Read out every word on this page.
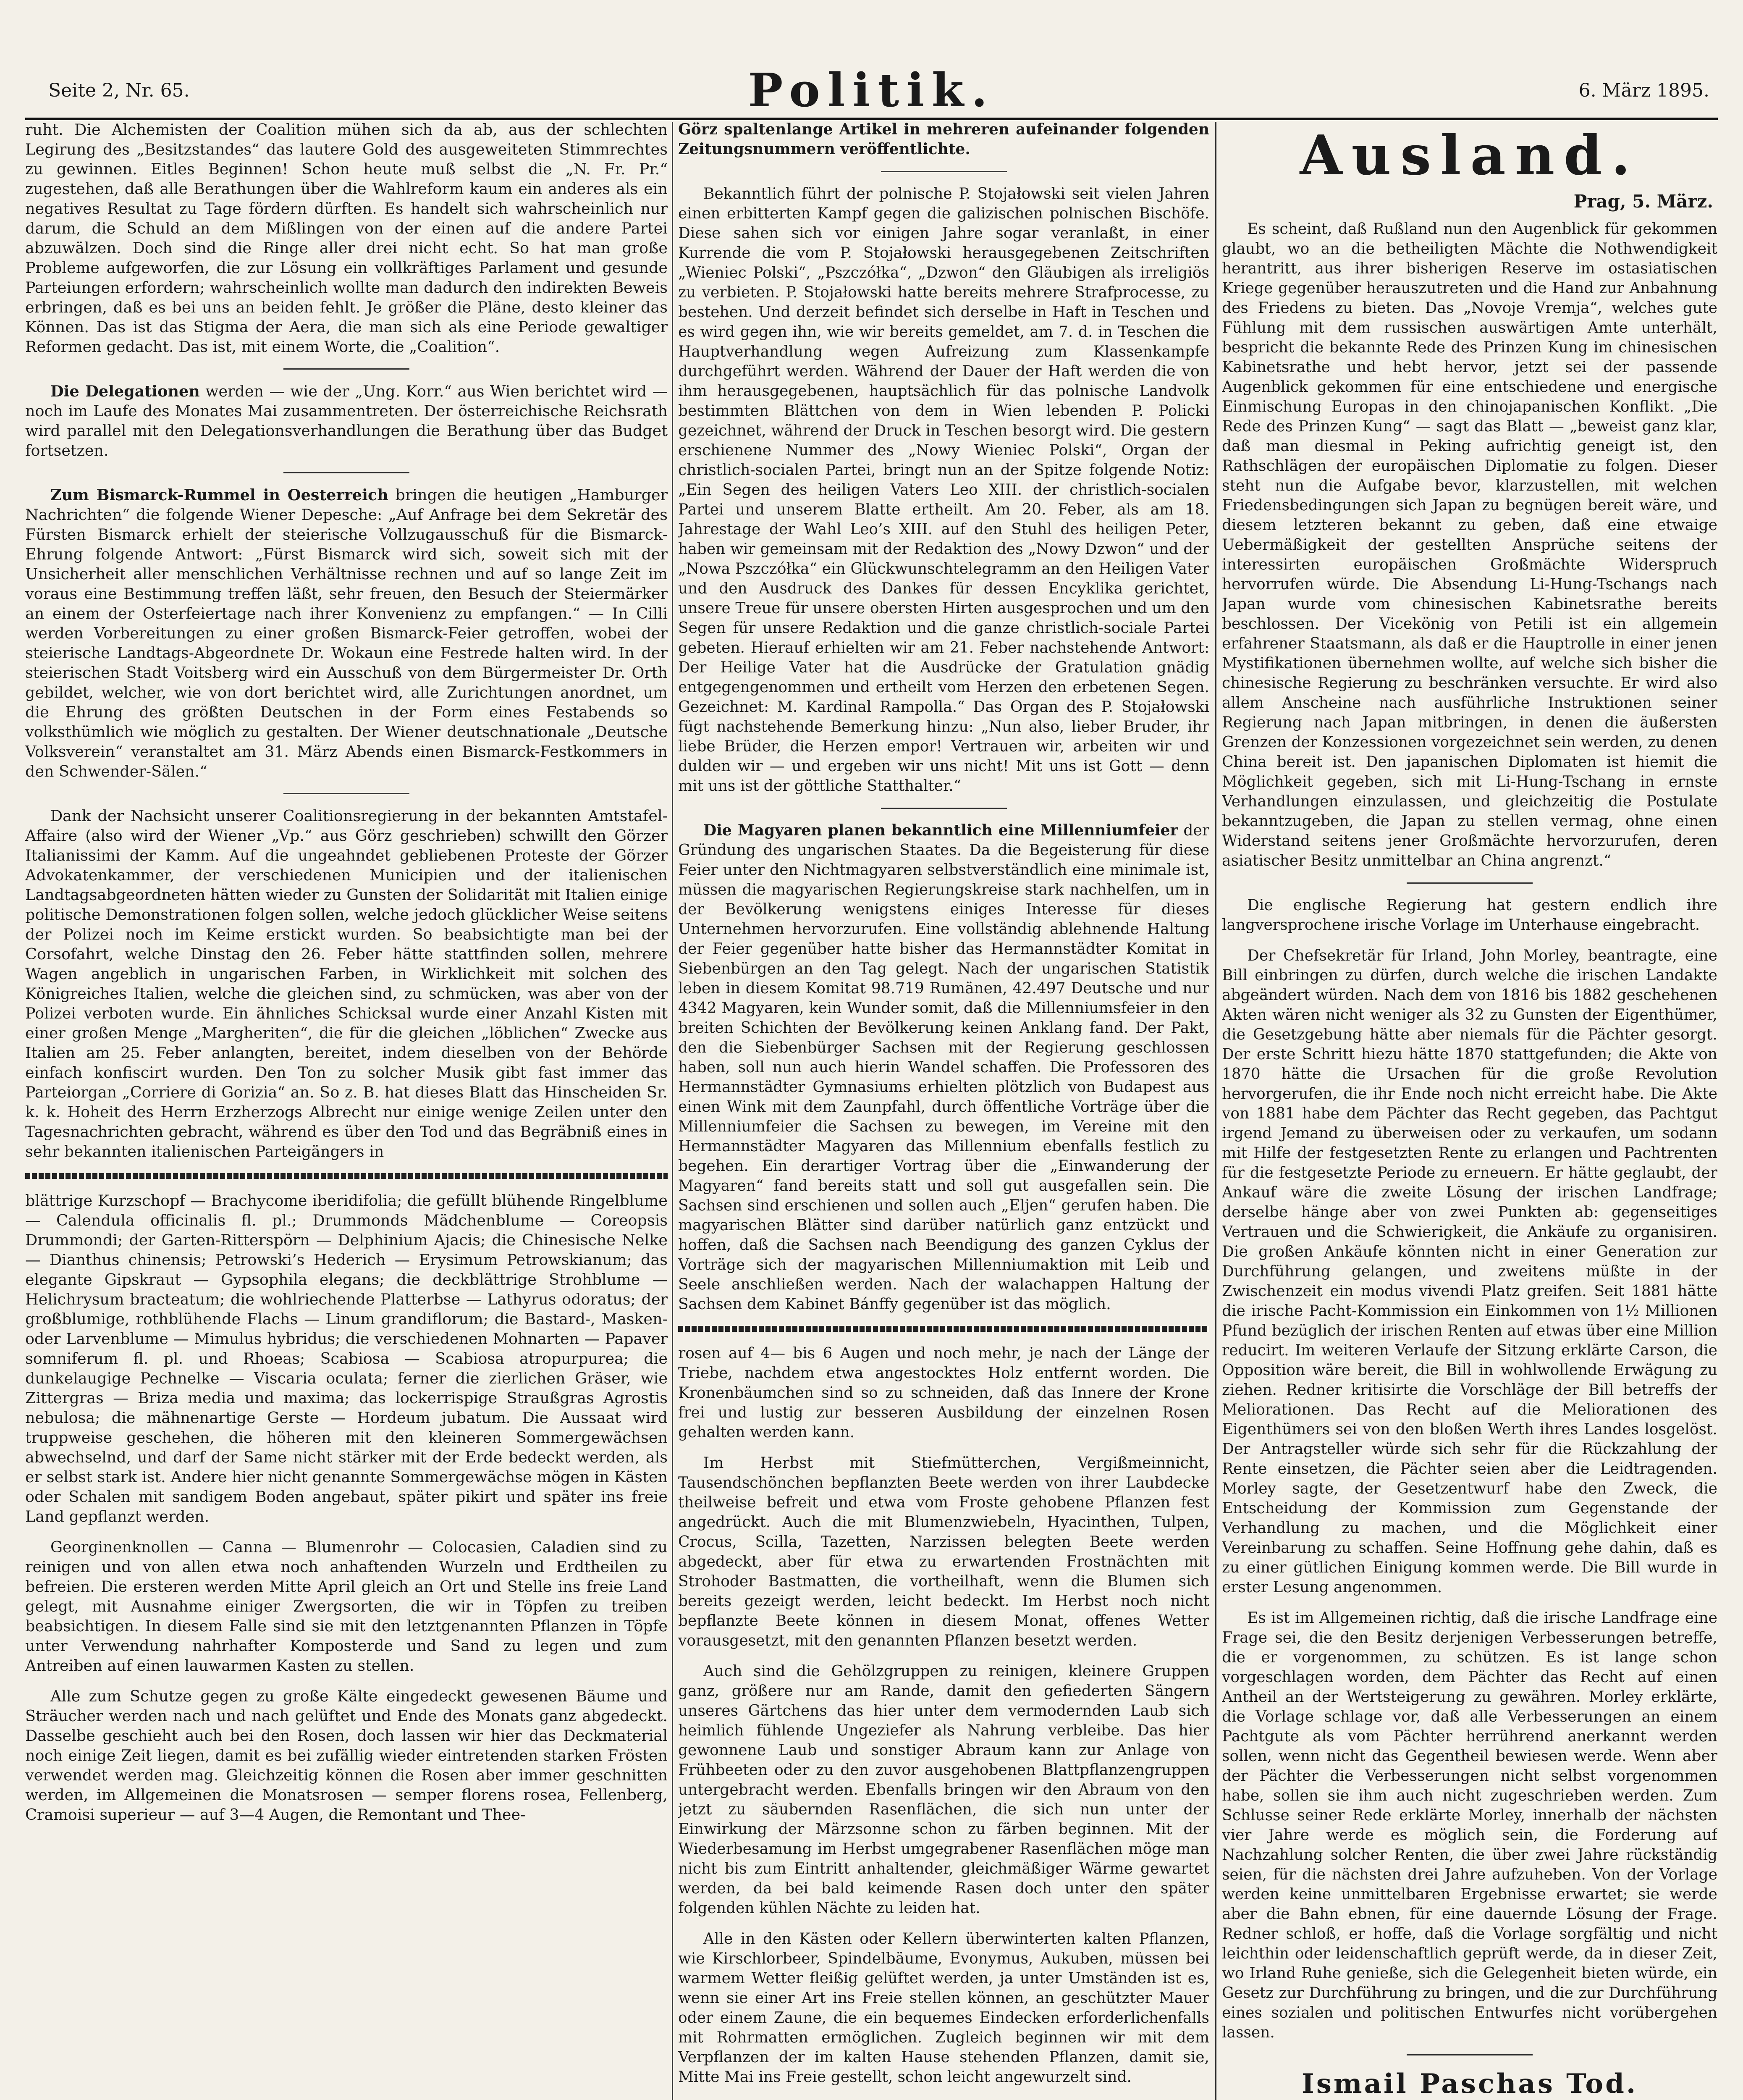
Seite 2, Nr. 65.	Politik.	6. März 1895.

ruht. Die Alchemisten der Coalition mühen sich da ab, aus der schlechten Legirung des „Besitzstandes“ das lautere Gold des ausgeweiteten Stimmrechtes zu gewinnen. Eitles Beginnen! Schon heute muß selbst die „N. Fr. Pr.“ zugestehen, daß alle Berathungen über die Wahlreform kaum ein anderes als ein negatives Resultat zu Tage fördern dürften. Es handelt sich wahrscheinlich nur darum, die Schuld an dem Mißlingen von der einen auf die andere Partei abzuwälzen. Doch sind die Ringe aller drei nicht echt. So hat man große Probleme aufgeworfen, die zur Lösung ein vollkräftiges Parlament und gesunde Parteiungen erfordern; wahrscheinlich wollte man dadurch den indirekten Beweis erbringen, daß es bei uns an beiden fehlt. Je größer die Pläne, desto kleiner das Können. Das ist das Stigma der Aera, die man sich als eine Periode gewaltiger Reformen gedacht. Das ist, mit einem Worte, die „Coalition“.

Die Delegationen werden — wie der „Ung. Korr.“ aus Wien berichtet wird — noch im Laufe des Monates Mai zusammentreten. Der österreichische Reichsrath wird parallel mit den Delegationsverhandlungen die Berathung über das Budget fortsetzen.

Zum Bismarck-Rummel in Oesterreich bringen die heutigen „Hamburger Nachrichten“ die folgende Wiener Depesche: „Auf Anfrage bei dem Sekretär des Fürsten Bismarck erhielt der steierische Vollzugausschuß für die Bismarck-Ehrung folgende Antwort: „Fürst Bismarck wird sich, soweit sich mit der Unsicherheit aller menschlichen Verhältnisse rechnen und auf so lange Zeit im voraus eine Bestimmung treffen läßt, sehr freuen, den Besuch der Steiermärker an einem der Osterfeiertage nach ihrer Konvenienz zu empfangen.“ — In Cilli werden Vorbereitungen zu einer großen Bismarck-Feier getroffen, wobei der steierische Landtags-Abgeordnete Dr. Wokaun eine Festrede halten wird. In der steierischen Stadt Voitsberg wird ein Ausschuß von dem Bürgermeister Dr. Orth gebildet, welcher, wie von dort berichtet wird, alle Zurichtungen anordnet, um die Ehrung des größten Deutschen in der Form eines Festabends so volksthümlich wie möglich zu gestalten. Der Wiener deutschnationale „Deutsche Volksverein“ veranstaltet am 31. März Abends einen Bismarck-Festkommers in den Schwender-Sälen.“

Dank der Nachsicht unserer Coalitionsregierung in der bekannten Amtstafel-Affaire (also wird der Wiener „Vp.“ aus Görz geschrieben) schwillt den Görzer Italianissimi der Kamm. Auf die ungeahndet gebliebenen Proteste der Görzer Advokatenkammer, der verschiedenen Municipien und der italienischen Landtagsabgeordneten hätten wieder zu Gunsten der Solidarität mit Italien einige politische Demonstrationen folgen sollen, welche jedoch glücklicher Weise seitens der Polizei noch im Keime erstickt wurden. So beabsichtigte man bei der Corsofahrt, welche Dinstag den 26. Feber hätte stattfinden sollen, mehrere Wagen angeblich in ungarischen Farben, in Wirklichkeit mit solchen des Königreiches Italien, welche die gleichen sind, zu schmücken, was aber von der Polizei verboten wurde. Ein ähnliches Schicksal wurde einer Anzahl Kisten mit einer großen Menge „Margheriten“, die für die gleichen „löblichen“ Zwecke aus Italien am 25. Feber anlangten, bereitet, indem dieselben von der Behörde einfach konfiscirt wurden. Den Ton zu solcher Musik gibt fast immer das Parteiorgan „Corriere di Gorizia“ an. So z. B. hat dieses Blatt das Hinscheiden Sr. k. k. Hoheit des Herrn Erzherzogs Albrecht nur einige wenige Zeilen unter den Tagesnachrichten gebracht, während es über den Tod und das Begräbniß eines in sehr bekannten italienischen Parteigängers in

blättrige Kurzschopf — Brachycome iberidifolia; die gefüllt blühende Ringelblume — Calendula officinalis fl. pl.; Drummonds Mädchenblume — Coreopsis Drummondi; der Garten-Ritterspörn — Delphinium Ajacis; die Chinesische Nelke — Dianthus chinensis; Petrowski’s Hederich — Erysimum Petrowskianum; das elegante Gipskraut — Gypsophila elegans; die deckblättrige Strohblume — Helichrysum bracteatum; die wohlriechende Platterbse — Lathyrus odoratus; der großblumige, rothblühende Flachs — Linum grandiflorum; die Bastard-, Masken- oder Larvenblume — Mimulus hybridus; die verschiedenen Mohnarten — Papaver somniferum fl. pl. und Rhoeas; Scabiosa — Scabiosa atropurpurea; die dunkelaugige Pechnelke — Viscaria oculata; ferner die zierlichen Gräser, wie Zittergras — Briza media und maxima; das lockerrispige Straußgras Agrostis nebulosa; die mähnenartige Gerste — Hordeum jubatum. Die Aussaat wird truppweise geschehen, die höheren mit den kleineren Sommergewächsen abwechselnd, und darf der Same nicht stärker mit der Erde bedeckt werden, als er selbst stark ist. Andere hier nicht genannte Sommergewächse mögen in Kästen oder Schalen mit sandigem Boden angebaut, später pikirt und später ins freie Land gepflanzt werden.

Georginenknollen — Canna — Blumenrohr — Colocasien, Caladien sind zu reinigen und von allen etwa noch anhaftenden Wurzeln und Erdtheilen zu befreien. Die ersteren werden Mitte April gleich an Ort und Stelle ins freie Land gelegt, mit Ausnahme einiger Zwergsorten, die wir in Töpfen zu treiben beabsichtigen. In diesem Falle sind sie mit den letztgenannten Pflanzen in Töpfe unter Verwendung nahrhafter Komposterde und Sand zu legen und zum Antreiben auf einen lauwarmen Kasten zu stellen.

Alle zum Schutze gegen zu große Kälte eingedeckt gewesenen Bäume und Sträucher werden nach und nach gelüftet und Ende des Monats ganz abgedeckt. Dasselbe geschieht auch bei den Rosen, doch lassen wir hier das Deckmaterial noch einige Zeit liegen, damit es bei zufällig wieder eintretenden starken Frösten verwendet werden mag. Gleichzeitig können die Rosen aber immer geschnitten werden, im Allgemeinen die Monatsrosen — semper florens rosea, Fellenberg, Cramoisi superieur — auf 3—4 Augen, die Remontant und Thee-

Görz spaltenlange Artikel in mehreren aufeinander folgenden Zeitungsnummern veröffentlichte.

Bekanntlich führt der polnische P. Stojałowski seit vielen Jahren einen erbitterten Kampf gegen die galizischen polnischen Bischöfe. Diese sahen sich vor einigen Jahre sogar veranlaßt, in einer Kurrende die vom P. Stojałowski herausgegebenen Zeitschriften „Wieniec Polski“, „Pszczółka“, „Dzwon“ den Gläubigen als irreligiös zu verbieten. P. Stojałowski hatte bereits mehrere Strafprocesse, zu bestehen. Und derzeit befindet sich derselbe in Haft in Teschen und es wird gegen ihn, wie wir bereits gemeldet, am 7. d. in Teschen die Hauptverhandlung wegen Aufreizung zum Klassenkampfe durchgeführt werden. Während der Dauer der Haft werden die von ihm herausgegebenen, hauptsächlich für das polnische Landvolk bestimmten Blättchen von dem in Wien lebenden P. Policki gezeichnet, während der Druck in Teschen besorgt wird. Die gestern erschienene Nummer des „Nowy Wieniec Polski“, Organ der christlich-socialen Partei, bringt nun an der Spitze folgende Notiz: „Ein Segen des heiligen Vaters Leo XIII. der christlich-socialen Partei und unserem Blatte ertheilt. Am 20. Feber, als am 18. Jahrestage der Wahl Leo’s XIII. auf den Stuhl des heiligen Peter, haben wir gemeinsam mit der Redaktion des „Nowy Dzwon“ und der „Nowa Pszczółka“ ein Glückwunschtelegramm an den Heiligen Vater und den Ausdruck des Dankes für dessen Encyklika gerichtet, unsere Treue für unsere obersten Hirten ausgesprochen und um den Segen für unsere Redaktion und die ganze christlich-sociale Partei gebeten. Hierauf erhielten wir am 21. Feber nachstehende Antwort: Der Heilige Vater hat die Ausdrücke der Gratulation gnädig entgegengenommen und ertheilt vom Herzen den erbetenen Segen. Gezeichnet: M. Kardinal Rampolla.“ Das Organ des P. Stojałowski fügt nachstehende Bemerkung hinzu: „Nun also, lieber Bruder, ihr liebe Brüder, die Herzen empor! Vertrauen wir, arbeiten wir und dulden wir — und ergeben wir uns nicht! Mit uns ist Gott — denn mit uns ist der göttliche Statthalter.“

Die Magyaren planen bekanntlich eine Millenniumfeier der Gründung des ungarischen Staates. Da die Begeisterung für diese Feier unter den Nichtmagyaren selbstverständlich eine minimale ist, müssen die magyarischen Regierungskreise stark nachhelfen, um in der Bevölkerung wenigstens einiges Interesse für dieses Unternehmen hervorzurufen. Eine vollständig ablehnende Haltung der Feier gegenüber hatte bisher das Hermannstädter Komitat in Siebenbürgen an den Tag gelegt. Nach der ungarischen Statistik leben in diesem Komitat 98.719 Rumänen, 42.497 Deutsche und nur 4342 Magyaren, kein Wunder somit, daß die Millenniumsfeier in den breiten Schichten der Bevölkerung keinen Anklang fand. Der Pakt, den die Siebenbürger Sachsen mit der Regierung geschlossen haben, soll nun auch hierin Wandel schaffen. Die Professoren des Hermannstädter Gymnasiums erhielten plötzlich von Budapest aus einen Wink mit dem Zaunpfahl, durch öffentliche Vorträge über die Millenniumfeier die Sachsen zu bewegen, im Vereine mit den Hermannstädter Magyaren das Millennium ebenfalls festlich zu begehen. Ein derartiger Vortrag über die „Einwanderung der Magyaren“ fand bereits statt und soll gut ausgefallen sein. Die Sachsen sind erschienen und sollen auch „Eljen“ gerufen haben. Die magyarischen Blätter sind darüber natürlich ganz entzückt und hoffen, daß die Sachsen nach Beendigung des ganzen Cyklus der Vorträge sich der magyarischen Millenniumaktion mit Leib und Seele anschließen werden. Nach der walachappen Haltung der Sachsen dem Kabinet Bánffy gegenüber ist das möglich.

rosen auf 4— bis 6 Augen und noch mehr, je nach der Länge der Triebe, nachdem etwa angestocktes Holz entfernt worden. Die Kronenbäumchen sind so zu schneiden, daß das Innere der Krone frei und lustig zur besseren Ausbildung der einzelnen Rosen gehalten werden kann.

Im Herbst mit Stiefmütterchen, Vergißmeinnicht, Tausendschönchen bepflanzten Beete werden von ihrer Laubdecke theilweise befreit und etwa vom Froste gehobene Pflanzen fest angedrückt. Auch die mit Blumenzwiebeln, Hyacinthen, Tulpen, Crocus, Scilla, Tazetten, Narzissen belegten Beete werden abgedeckt, aber für etwa zu erwartenden Frostnächten mit Strohoder Bastmatten, die vortheilhaft, wenn die Blumen sich bereits gezeigt werden, leicht bedeckt. Im Herbst noch nicht bepflanzte Beete können in diesem Monat, offenes Wetter vorausgesetzt, mit den genannten Pflanzen besetzt werden.

Auch sind die Gehölzgruppen zu reinigen, kleinere Gruppen ganz, größere nur am Rande, damit den gefiederten Sängern unseres Gärtchens das hier unter dem vermodernden Laub sich heimlich fühlende Ungeziefer als Nahrung verbleibe. Das hier gewonnene Laub und sonstiger Abraum kann zur Anlage von Frühbeeten oder zu den zuvor ausgehobenen Blattpflanzengruppen untergebracht werden. Ebenfalls bringen wir den Abraum von den jetzt zu säubernden Rasenflächen, die sich nun unter der Einwirkung der Märzsonne schon zu färben beginnen. Mit der Wiederbesamung im Herbst umgegrabener Rasenflächen möge man nicht bis zum Eintritt anhaltender, gleichmäßiger Wärme gewartet werden, da bei bald keimende Rasen doch unter den später folgenden kühlen Nächte zu leiden hat.

Alle in den Kästen oder Kellern überwinterten kalten Pflanzen, wie Kirschlorbeer, Spindelbäume, Evonymus, Aukuben, müssen bei warmem Wetter fleißig gelüftet werden, ja unter Umständen ist es, wenn sie einer Art ins Freie stellen können, an geschützter Mauer oder einem Zaune, die ein bequemes Eindecken erforderlichenfalls mit Rohrmatten ermöglichen. Zugleich beginnen wir mit dem Verpflanzen der im kalten Hause stehenden Pflanzen, damit sie, Mitte Mai ins Freie gestellt, schon leicht angewurzelt sind.

Ausland.
Prag, 5. März.

Es scheint, daß Rußland nun den Augenblick für gekommen glaubt, wo an die betheiligten Mächte die Nothwendigkeit herantritt, aus ihrer bisherigen Reserve im ostasiatischen Kriege gegenüber herauszutreten und die Hand zur Anbahnung des Friedens zu bieten. Das „Novoje Vremja“, welches gute Fühlung mit dem russischen auswärtigen Amte unterhält, bespricht die bekannte Rede des Prinzen Kung im chinesischen Kabinetsrathe und hebt hervor, jetzt sei der passende Augenblick gekommen für eine entschiedene und energische Einmischung Europas in den chinojapanischen Konflikt. „Die Rede des Prinzen Kung“ — sagt das Blatt — „beweist ganz klar, daß man diesmal in Peking aufrichtig geneigt ist, den Rathschlägen der europäischen Diplomatie zu folgen. Dieser steht nun die Aufgabe bevor, klarzustellen, mit welchen Friedensbedingungen sich Japan zu begnügen bereit wäre, und diesem letzteren bekannt zu geben, daß eine etwaige Uebermäßigkeit der gestellten Ansprüche seitens der interessirten europäischen Großmächte Widerspruch hervorrufen würde. Die Absendung Li-Hung-Tschangs nach Japan wurde vom chinesischen Kabinetsrathe bereits beschlossen. Der Vicekönig von Petili ist ein allgemein erfahrener Staatsmann, als daß er die Hauptrolle in einer jenen Mystifikationen übernehmen wollte, auf welche sich bisher die chinesische Regierung zu beschränken versuchte. Er wird also allem Anscheine nach ausführliche Instruktionen seiner Regierung nach Japan mitbringen, in denen die äußersten Grenzen der Konzessionen vorgezeichnet sein werden, zu denen China bereit ist. Den japanischen Diplomaten ist hiemit die Möglichkeit gegeben, sich mit Li-Hung-Tschang in ernste Verhandlungen einzulassen, und gleichzeitig die Postulate bekanntzugeben, die Japan zu stellen vermag, ohne einen Widerstand seitens jener Großmächte hervorzurufen, deren asiatischer Besitz unmittelbar an China angrenzt.“

Die englische Regierung hat gestern endlich ihre langversprochene irische Vorlage im Unterhause eingebracht.

Der Chefsekretär für Irland, John Morley, beantragte, eine Bill einbringen zu dürfen, durch welche die irischen Landakte abgeändert würden. Nach dem von 1816 bis 1882 geschehenen Akten wären nicht weniger als 32 zu Gunsten der Eigenthümer, die Gesetzgebung hätte aber niemals für die Pächter gesorgt. Der erste Schritt hiezu hätte 1870 stattgefunden; die Akte von 1870 hätte die Ursachen für die große Revolution hervorgerufen, die ihr Ende noch nicht erreicht habe. Die Akte von 1881 habe dem Pächter das Recht gegeben, das Pachtgut irgend Jemand zu überweisen oder zu verkaufen, um sodann mit Hilfe der festgesetzten Rente zu erlangen und Pachtrenten für die festgesetzte Periode zu erneuern. Er hätte geglaubt, der Ankauf wäre die zweite Lösung der irischen Landfrage; derselbe hänge aber von zwei Punkten ab: gegenseitiges Vertrauen und die Schwierigkeit, die Ankäufe zu organisiren. Die großen Ankäufe könnten nicht in einer Generation zur Durchführung gelangen, und zweitens müßte in der Zwischenzeit ein modus vivendi Platz greifen. Seit 1881 hätte die irische Pacht-Kommission ein Einkommen von 1½ Millionen Pfund bezüglich der irischen Renten auf etwas über eine Million reducirt. Im weiteren Verlaufe der Sitzung erklärte Carson, die Opposition wäre bereit, die Bill in wohlwollende Erwägung zu ziehen. Redner kritisirte die Vorschläge der Bill betreffs der Meliorationen. Das Recht auf die Meliorationen des Eigenthümers sei von den bloßen Werth ihres Landes losgelöst. Der Antragsteller würde sich sehr für die Rückzahlung der Rente einsetzen, die Pächter seien aber die Leidtragenden. Morley sagte, der Gesetzentwurf habe den Zweck, die Entscheidung der Kommission zum Gegenstande der Verhandlung zu machen, und die Möglichkeit einer Vereinbarung zu schaffen. Seine Hoffnung gehe dahin, daß es zu einer gütlichen Einigung kommen werde. Die Bill wurde in erster Lesung angenommen.

Es ist im Allgemeinen richtig, daß die irische Landfrage eine Frage sei, die den Besitz derjenigen Verbesserungen betreffe, die er vorgenommen, zu schützen. Es ist lange schon vorgeschlagen worden, dem Pächter das Recht auf einen Antheil an der Wertsteigerung zu gewähren. Morley erklärte, die Vorlage schlage vor, daß alle Verbesserungen an einem Pachtgute als vom Pächter herrührend anerkannt werden sollen, wenn nicht das Gegentheil bewiesen werde. Wenn aber der Pächter die Verbesserungen nicht selbst vorgenommen habe, sollen sie ihm auch nicht zugeschrieben werden. Zum Schlusse seiner Rede erklärte Morley, innerhalb der nächsten vier Jahre werde es möglich sein, die Forderung auf Nachzahlung solcher Renten, die über zwei Jahre rückständig seien, für die nächsten drei Jahre aufzuheben. Von der Vorlage werden keine unmittelbaren Ergebnisse erwartet; sie werde aber die Bahn ebnen, für eine dauernde Lösung der Frage. Redner schloß, er hoffe, daß die Vorlage sorgfältig und nicht leichthin oder leidenschaftlich geprüft werde, da in dieser Zeit, wo Irland Ruhe genieße, sich die Gelegenheit bieten würde, ein Gesetz zur Durchführung zu bringen, und die zur Durchführung eines sozialen und politischen Entwurfes nicht vorübergehen lassen.

Ismail Paschas Tod.
